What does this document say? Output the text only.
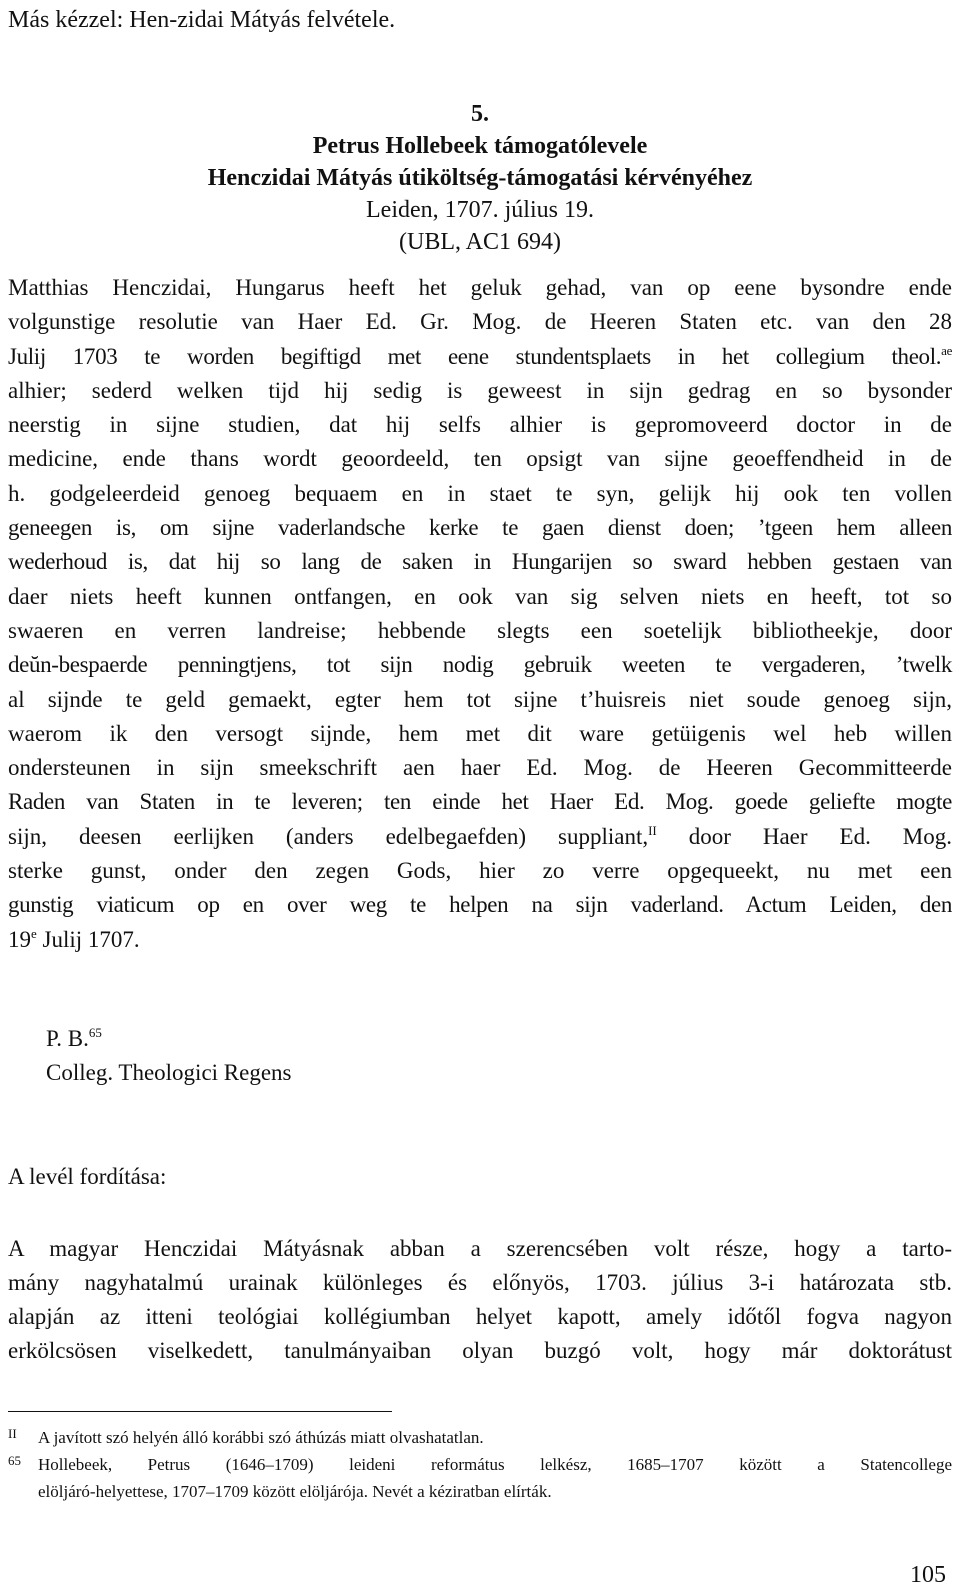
Más kézzel: Hen-zidai Mátyás felvétele.
5.
Petrus Hollebeek támogatólevele
Henczidai Mátyás útiköltség-támogatási kérvényéhez
Leiden, 1707. július 19.
(UBL, AC1 694)
Matthias Henczidai, Hungarus heeft het geluk gehad, van op eene bysondre ende
volgunstige resolutie van Haer Ed. Gr. Mog. de Heeren Staten etc. van den 28
Julij 1703 te worden begiftigd met eene stundentsplaets in het collegium theol.$^{ae}$
alhier; sederd welken tijd hij sedig is geweest in sijn gedrag en so bysonder
neerstig in sijne studien, dat hij selfs alhier is gepromoveerd doctor in de
medicine, ende thans wordt geoordeeld, ten opsigt van sijne geoeffendheid in de
h. godgeleerdeid genoeg bequaem en in staet te syn, gelijk hij ook ten vollen
geneegen is, om sijne vaderlandsche kerke te gaen dienst doen; ’tgeen hem alleen
wederhoud is, dat hij so lang de saken in Hungarijen so sward hebben gestaen van
daer niets heeft kunnen ontfangen, en ook van sig selven niets en heeft, tot so
swaeren en verren landreise; hebbende slegts een soetelijk bibliotheekje, door
deŭn-bespaerde penningtjens, tot sijn nodig gebruik weeten te vergaderen, ’twelk
al sijnde te geld gemaekt, egter hem tot sijne t’huisreis niet soude genoeg sijn,
waerom ik den versogt sijnde, hem met dit ware getüigenis wel heb willen
ondersteunen in sijn smeekschrift aen haer Ed. Mog. de Heeren Gecommitteerde
Raden van Staten in te leveren; ten einde het Haer Ed. Mog. goede geliefte mogte
sijn, deesen eerlijken (anders edelbegaefden) suppliant,$^{II}$ door Haer Ed. Mog.
sterke gunst, onder den zegen Gods, hier zo verre opgequeekt, nu met een
gunstig viaticum op en over weg te helpen na sijn vaderland. Actum Leiden, den
19e Julij 1707.
P. B.$^{65}$
Colleg. Theologici Regens
A levél fordítása:
A magyar Henczidai Mátyásnak abban a szerencsében volt része, hogy a tarto-
mány nagyhatalmú urainak különleges és előnyös, 1703. július 3-i határozata stb.
alapján az itteni teológiai kollégiumban helyet kapott, amely időtől fogva nagyon
erkölcsösen viselkedett, tanulmányaiban olyan buzgó volt, hogy már doktorátust
II A javított szó helyén álló korábbi szó áthúzás miatt olvashatatlan.
65 Hollebeek, Petrus (1646–1709) leideni református lelkész, 1685–1707 között a Statencollege
elöljáró-helyettese, 1707–1709 között elöljárója. Nevét a kéziratban elírták.
105
